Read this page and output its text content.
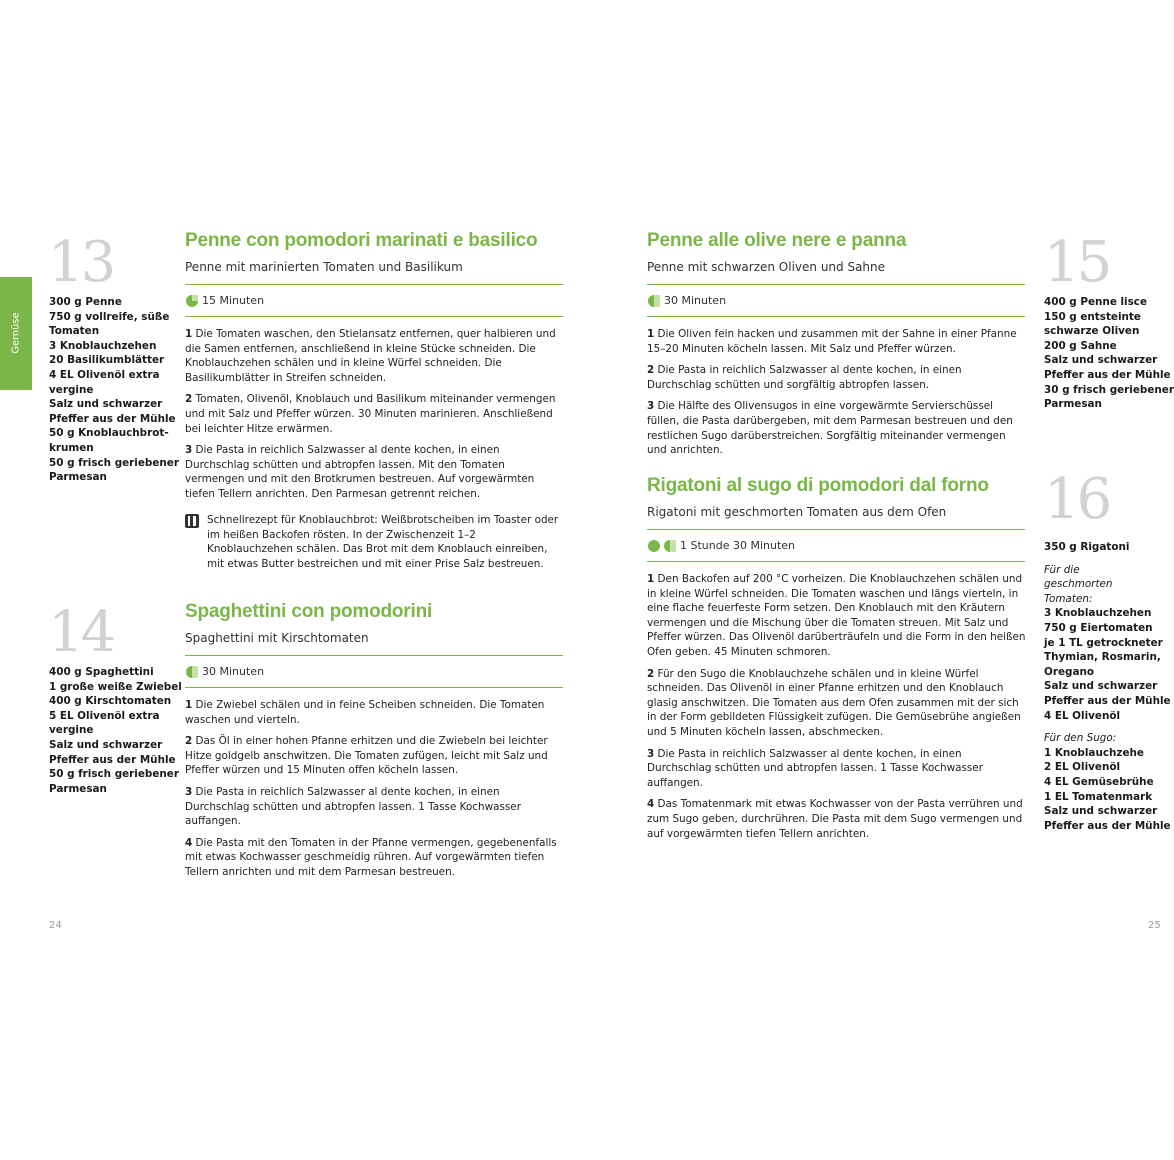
Gemüse
13
300 g Penne
750 g vollreife, süße
Tomaten
3 Knoblauchzehen
20 Basilikumblätter
4 EL Olivenöl extra
vergine
Salz und schwarzer
Pfeffer aus der Mühle
50 g Knoblauchbrot-
krumen
50 g frisch geriebener
Parmesan
Penne con pomodori marinati e basilico
Penne mit marinierten Tomaten und Basilikum
15 Minuten

1 Die Tomaten waschen, den Stielansatz entfernen, quer halbieren und die Samen entfernen, anschließend in kleine Stücke schneiden. Die Knoblauchzehen schälen und in kleine Würfel schneiden. Die Basilikumblätter in Streifen schneiden.

2 Tomaten, Olivenöl, Knoblauch und Basilikum miteinander vermengen und mit Salz und Pfeffer würzen. 30 Minuten marinieren. Anschließend bei leichter Hitze erwärmen.

3 Die Pasta in reichlich Salzwasser al dente kochen, in einen Durchschlag schütten und abtropfen lassen. Mit den Tomaten vermengen und mit den Brotkrumen bestreuen. Auf vorgewärmten tiefen Tellern anrichten. Den Parmesan getrennt reichen.

Schnellrezept für Knoblauchbrot: Weißbrotscheiben im Toaster oder im heißen Backofen rösten. In der Zwischenzeit 1–2 Knoblauchzehen schälen. Das Brot mit dem Knoblauch einreiben, mit etwas Butter bestreichen und mit einer Prise Salz bestreuen.
14
400 g Spaghettini
1 große weiße Zwiebel
400 g Kirschtomaten
5 EL Olivenöl extra
vergine
Salz und schwarzer
Pfeffer aus der Mühle
50 g frisch geriebener
Parmesan
Spaghettini con pomodorini
Spaghettini mit Kirschtomaten
30 Minuten

1 Die Zwiebel schälen und in feine Scheiben schneiden. Die Tomaten waschen und vierteln.

2 Das Öl in einer hohen Pfanne erhitzen und die Zwiebeln bei leichter Hitze goldgelb anschwitzen. Die Tomaten zufügen, leicht mit Salz und Pfeffer würzen und 15 Minuten offen köcheln lassen.

3 Die Pasta in reichlich Salzwasser al dente kochen, in einen Durchschlag schütten und abtropfen lassen. 1 Tasse Kochwasser auffangen.

4 Die Pasta mit den Tomaten in der Pfanne vermengen, gegebenenfalls mit etwas Kochwasser geschmeidig rühren. Auf vorgewärmten tiefen Tellern anrichten und mit dem Parmesan bestreuen.

24
Penne alle olive nere e panna
Penne mit schwarzen Oliven und Sahne
30 Minuten

1 Die Oliven fein hacken und zusammen mit der Sahne in einer Pfanne 15–20 Minuten köcheln lassen. Mit Salz und Pfeffer würzen.

2 Die Pasta in reichlich Salzwasser al dente kochen, in einen Durchschlag schütten und sorgfältig abtropfen lassen.

3 Die Hälfte des Olivensugos in eine vorgewärmte Servierschüssel füllen, die Pasta darübergeben, mit dem Parmesan bestreuen und den restlichen Sugo darüberstreichen. Sorgfältig miteinander vermengen und anrichten.

15
400 g Penne lisce
150 g entsteinte
schwarze Oliven
200 g Sahne
Salz und schwarzer
Pfeffer aus der Mühle
30 g frisch geriebener
Parmesan
Rigatoni al sugo di pomodori dal forno
Rigatoni mit geschmorten Tomaten aus dem Ofen
1 Stunde 30 Minuten

1 Den Backofen auf 200 °C vorheizen. Die Knoblauchzehen schälen und in kleine Würfel schneiden. Die Tomaten waschen und längs vierteln, in eine flache feuerfeste Form setzen. Den Knoblauch mit den Kräutern vermengen und die Mischung über die Tomaten streuen. Mit Salz und Pfeffer würzen. Das Olivenöl darüberträufeln und die Form in den heißen Ofen geben. 45 Minuten schmoren.

2 Für den Sugo die Knoblauchzehe schälen und in kleine Würfel schneiden. Das Olivenöl in einer Pfanne erhitzen und den Knoblauch glasig anschwitzen. Die Tomaten aus dem Ofen zusammen mit der sich in der Form gebildeten Flüssigkeit zufügen. Die Gemüsebrühe angießen und 5 Minuten köcheln lassen, abschmecken.

3 Die Pasta in reichlich Salzwasser al dente kochen, in einen Durchschlag schütten und abtropfen lassen. 1 Tasse Kochwasser auffangen.

4 Das Tomatenmark mit etwas Kochwasser von der Pasta verrühren und zum Sugo geben, durchrühren. Die Pasta mit dem Sugo vermengen und auf vorgewärmten tiefen Tellern anrichten.

16
350 g Rigatoni
Für die geschmorten Tomaten:
3 Knoblauchzehen
750 g Eiertomaten
je 1 TL getrockneter
Thymian, Rosmarin,
Oregano
Salz und schwarzer
Pfeffer aus der Mühle
4 EL Olivenöl
Für den Sugo:
1 Knoblauchzehe
2 EL Olivenöl
4 EL Gemüsebrühe
1 EL Tomatenmark
Salz und schwarzer
Pfeffer aus der Mühle
25
